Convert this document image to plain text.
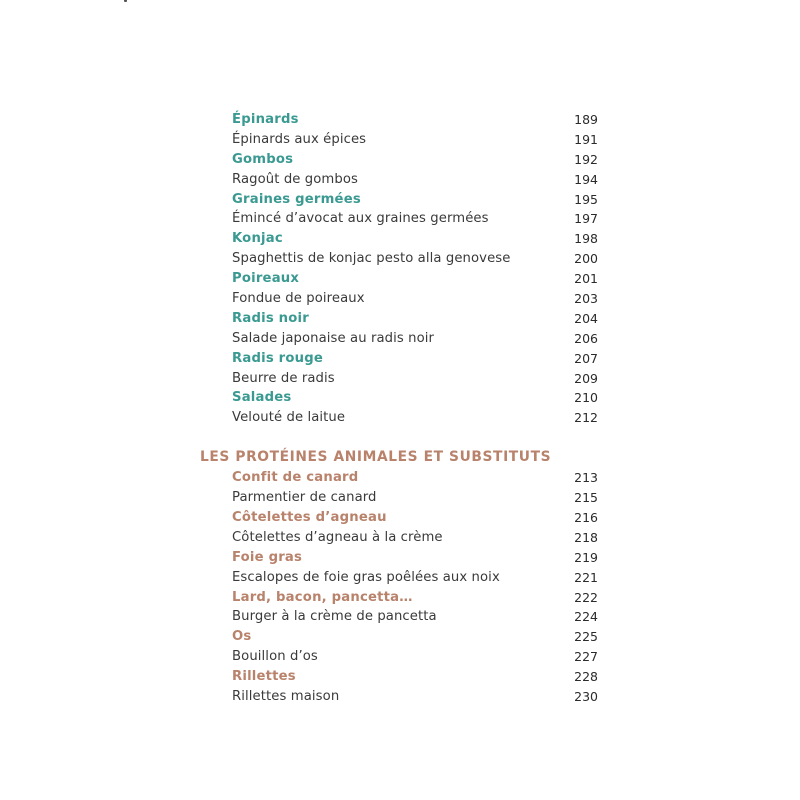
Épinards	189
Épinards aux épices	191
Gombos	192
Ragoût de gombos	194
Graines germées	195
Émincé d’avocat aux graines germées	197
Konjac	198
Spaghettis de konjac pesto alla genovese	200
Poireaux	201
Fondue de poireaux	203
Radis noir	204
Salade japonaise au radis noir	206
Radis rouge	207
Beurre de radis	209
Salades	210
Velouté de laitue	212
LES PROTÉINES ANIMALES ET SUBSTITUTS
Confit de canard	213
Parmentier de canard	215
Côtelettes d’agneau	216
Côtelettes d’agneau à la crème	218
Foie gras	219
Escalopes de foie gras poêlées aux noix	221
Lard, bacon, pancetta…	222
Burger à la crème de pancetta	224
Os	225
Bouillon d’os	227
Rillettes	228
Rillettes maison	230
